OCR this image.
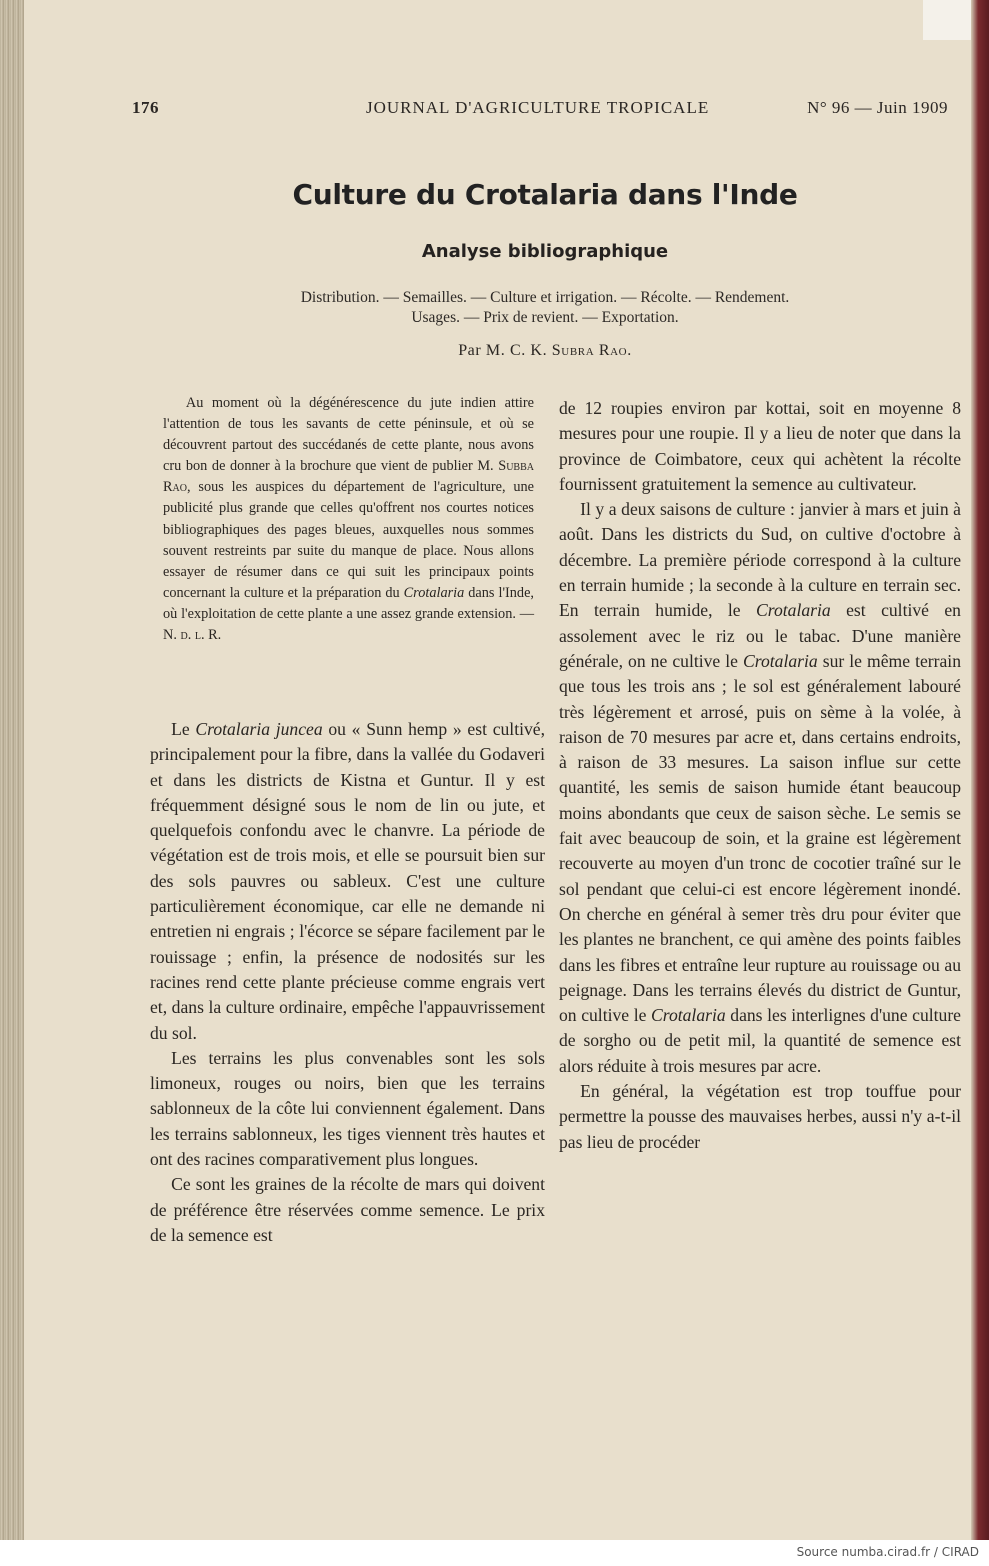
176	JOURNAL D'AGRICULTURE TROPICALE	N° 96 — Juin 1909
Culture du Crotalaria dans l'Inde
Analyse bibliographique
Distribution. — Semailles. — Culture et irrigation. — Récolte. — Rendement.
Usages. — Prix de revient. — Exportation.
Par M. C. K. Subra Rao.

Au moment où la dégénérescence du jute indien attire l'attention de tous les savants de cette péninsule, et où se découvrent partout des succédanés de cette plante, nous avons cru bon de donner à la brochure que vient de publier M. Subba Rao, sous les auspices du département de l'agriculture, une publicité plus grande que celles qu'offrent nos courtes notices bibliographiques des pages bleues, auxquelles nous sommes souvent restreints par suite du manque de place. Nous allons essayer de résumer dans ce qui suit les principaux points concernant la culture et la préparation du Crotalaria dans l'Inde, où l'exploitation de cette plante a une assez grande extension. — N. d. l. R.

Le Crotalaria juncea ou « Sunn hemp » est cultivé, principalement pour la fibre, dans la vallée du Godaveri et dans les districts de Kistna et Guntur. Il y est fréquemment désigné sous le nom de lin ou jute, et quelquefois confondu avec le chanvre. La période de végétation est de trois mois, et elle se poursuit bien sur des sols pauvres ou sableux. C'est une culture particulièrement économique, car elle ne demande ni entretien ni engrais ; l'écorce se sépare facilement par le rouissage ; enfin, la présence de nodosités sur les racines rend cette plante précieuse comme engrais vert et, dans la culture ordinaire, empêche l'appauvrissement du sol.

Les terrains les plus convenables sont les sols limoneux, rouges ou noirs, bien que les terrains sablonneux de la côte lui conviennent également. Dans les terrains sablonneux, les tiges viennent très hautes et ont des racines comparativement plus longues.

Ce sont les graines de la récolte de mars qui doivent de préférence être réservées comme semence. Le prix de la semence est

de 12 roupies environ par kottai, soit en moyenne 8 mesures pour une roupie. Il y a lieu de noter que dans la province de Coimbatore, ceux qui achètent la récolte fournissent gratuitement la semence au cultivateur.

Il y a deux saisons de culture : janvier à mars et juin à août. Dans les districts du Sud, on cultive d'octobre à décembre. La première période correspond à la culture en terrain humide ; la seconde à la culture en terrain sec. En terrain humide, le Crotalaria est cultivé en assolement avec le riz ou le tabac. D'une manière générale, on ne cultive le Crotalaria sur le même terrain que tous les trois ans ; le sol est généralement labouré très légèrement et arrosé, puis on sème à la volée, à raison de 70 mesures par acre et, dans certains endroits, à raison de 33 mesures. La saison influe sur cette quantité, les semis de saison humide étant beaucoup moins abondants que ceux de saison sèche. Le semis se fait avec beaucoup de soin, et la graine est légèrement recouverte au moyen d'un tronc de cocotier traîné sur le sol pendant que celui-ci est encore légèrement inondé. On cherche en général à semer très dru pour éviter que les plantes ne branchent, ce qui amène des points faibles dans les fibres et entraîne leur rupture au rouissage ou au peignage. Dans les terrains élevés du district de Guntur, on cultive le Crotalaria dans les interlignes d'une culture de sorgho ou de petit mil, la quantité de semence est alors réduite à trois mesures par acre.

En général, la végétation est trop touffue pour permettre la pousse des mauvaises herbes, aussi n'y a-t-il pas lieu de procéder

Source numba.cirad.fr / CIRAD
